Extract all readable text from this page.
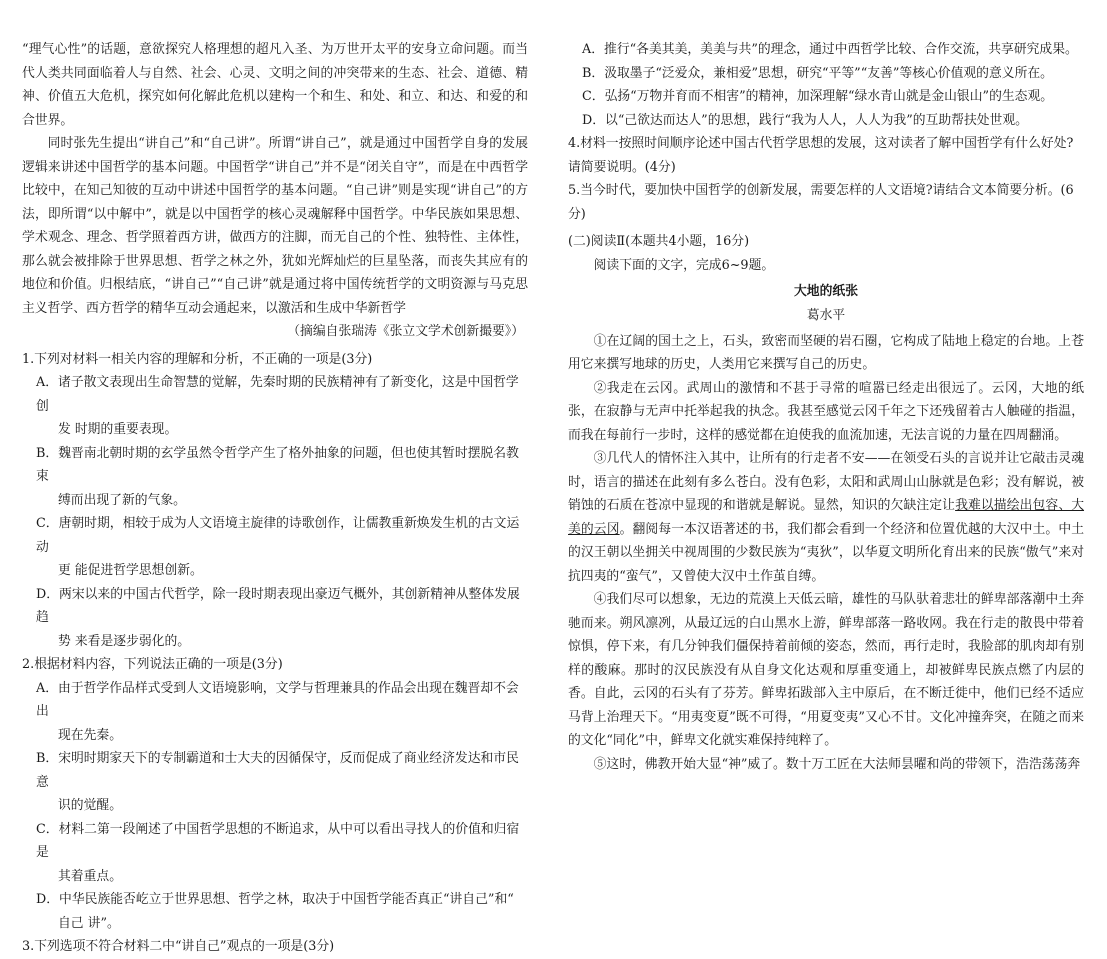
“理气心性”的话题，意欲探究人格理想的超凡入圣、为万世开太平的安身立命问题。而当代人类共同面临着人与自然、社会、心灵、文明之间的冲突带来的生态、社会、道德、精神、价值五大危机，探究如何化解此危机以建构一个和生、和处、和立、和达、和爱的和合世界。

同时张先生提出“讲自己”和“自己讲”。所谓“讲自己”，就是通过中国哲学自身的发展逻辑来讲述中国哲学的基本问题。中国哲学“讲自己”并不是“闭关自守”，而是在中西哲学比较中，在知己知彼的互动中讲述中国哲学的基本问题。“自己讲”则是实现“讲自己”的方法，即所谓“以中解中”，就是以中国哲学的核心灵魂解释中国哲学。中华民族如果思想、学术观念、理念、哲学照着西方讲，做西方的注脚，而无自己的个性、独特性、主体性，那么就会被排除于世界思想、哲学之林之外，犹如光辉灿烂的巨星坠落，而丧失其应有的地位和价值。归根结底，“讲自己”“自己讲”就是通过将中国传统哲学的文明资源与马克思主义哲学、西方哲学的精华互动会通起来，以激活和生成中华新哲学

（摘编自张瑞涛《张立文学术创新撮要》）

1.下列对材料一相关内容的理解和分析，不正确的一项是(3分)

A．诸子散文表现出生命智慧的觉解，先秦时期的民族精神有了新变化，这是中国哲学创

发 时期的重要表现。

B．魏晋南北朝时期的玄学虽然令哲学产生了格外抽象的问题，但也使其暂时摆脱名教束

缚而出现了新的气象。

C．唐朝时期，相较于成为人文语境主旋律的诗歌创作，让儒教重新焕发生机的古文运动

更 能促进哲学思想创新。

D．两宋以来的中国古代哲学，除一段时期表现出豪迈气概外，其创新精神从整体发展趋

势 来看是逐步弱化的。

2.根据材料内容，下列说法正确的一项是(3分)

A．由于哲学作品样式受到人文语境影响，文学与哲理兼具的作品会出现在魏晋却不会出

现在先秦。

B．宋明时期家天下的专制霸道和士大夫的因循保守，反而促成了商业经济发达和市民意

识的觉醒。

C．材料二第一段阐述了中国哲学思想的不断追求，从中可以看出寻找人的价值和归宿是

其着重点。

D．中华民族能否屹立于世界思想、哲学之林，取决于中国哲学能否真正“讲自己”和“

自己 讲”。

3.下列选项不符合材料二中“讲自己”观点的一项是(3分)

A．推行“各美其美，美美与共”的理念，通过中西哲学比较、合作交流，共享研究成果。

B．汲取墨子“泛爱众，兼相爱”思想，研究“平等”“友善”等核心价值观的意义所在。

C．弘扬“万物并育而不相害”的精神，加深理解“绿水青山就是金山银山”的生态观。

D．以“己欲达而达人”的思想，践行“我为人人，人人为我”的互助帮扶处世观。

4.材料一按照时间顺序论述中国古代哲学思想的发展，这对读者了解中国哲学有什么好处?请简要说明。(4分)

5.当今时代，要加快中国哲学的创新发展，需要怎样的人文语境?请结合文本简要分析。(6分)

(二)阅读Ⅱ(本题共4小题，16分)

阅读下面的文字，完成6~9题。

大地的纸张

葛水平

①在辽阔的国土之上，石头，致密而坚硬的岩石圈，它构成了陆地上稳定的台地。上苍用它来撰写地球的历史，人类用它来撰写自己的历史。

②我走在云冈。武周山的激情和不甚于寻常的喧嚣已经走出很远了。云冈，大地的纸张，在寂静与无声中托举起我的执念。我甚至感觉云冈千年之下还残留着古人触碰的指温，而我在每前行一步时，这样的感觉都在迫使我的血流加速，无法言说的力量在四周翻涌。

③几代人的情怀注入其中，让所有的行走者不安——在领受石头的言说并让它敲击灵魂时，语言的描述在此刻有多么苍白。没有色彩，太阳和武周山山脉就是色彩；没有解说，被销蚀的石质在苍凉中显现的和谐就是解说。显然，知识的欠缺注定让我难以描绘出包容、大美的云冈。翻阅每一本汉语著述的书，我们都会看到一个经济和位置优越的大汉中土。中土的汉王朝以坐拥关中视周围的少数民族为“夷狄”，以华夏文明所化育出来的民族“傲气”来对抗四夷的“蛮气”，又曾使大汉中土作茧自缚。

④我们尽可以想象，无边的荒漠上天低云暗，雄性的马队驮着悲壮的鲜卑部落潮中土奔驰而来。朔风凛冽，从最辽远的白山黑水上游，鲜卑部落一路收网。我在行走的散畏中带着惊惧，停下来，有几分钟我们僵保持着前倾的姿态，然而，再行走时，我脸部的肌肉却有别样的酸麻。那时的汉民族没有从自身文化达观和厚重变通上，却被鲜卑民族点燃了内层的香。自此，云冈的石头有了芬芳。鲜卑拓跋部入主中原后，在不断迁徙中，他们已经不适应马背上治理天下。“用夷变夏”既不可得，“用夏变夷”又心不甘。文化冲撞奔突，在随之而来的文化“同化”中，鲜卑文化就实难保持纯粹了。

⑤这时，佛教开始大显“神”威了。数十万工匠在大法师昙曜和尚的带领下，浩浩荡荡奔
